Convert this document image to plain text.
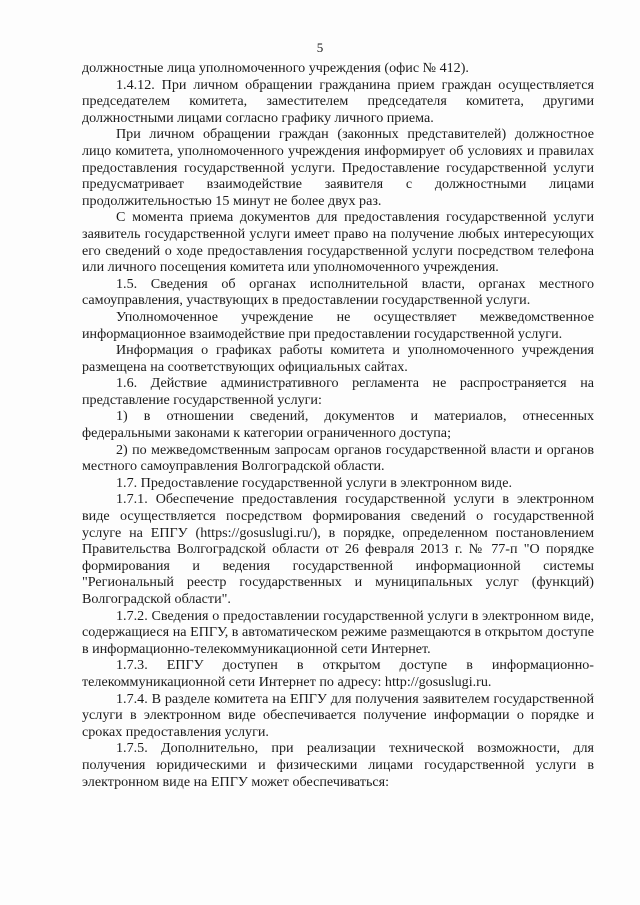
5

должностные лица уполномоченного учреждения (офис № 412).

1.4.12. При личном обращении гражданина прием граждан осуществляется председателем комитета, заместителем председателя комитета, другими должностными лицами согласно графику личного приема.

При личном обращении граждан (законных представителей) должностное лицо комитета, уполномоченного учреждения информирует об условиях и правилах предоставления государственной услуги. Предоставление государственной услуги предусматривает взаимодействие заявителя с должностными лицами продолжительностью 15 минут не более двух раз.

С момента приема документов для предоставления государственной услуги заявитель государственной услуги имеет право на получение любых интересующих его сведений о ходе предоставления государственной услуги посредством телефона или личного посещения комитета или уполномоченного учреждения.

1.5. Сведения об органах исполнительной власти, органах местного самоуправления, участвующих в предоставлении государственной услуги.

Уполномоченное учреждение не осуществляет межведомственное информационное взаимодействие при предоставлении государственной услуги.

Информация о графиках работы комитета и уполномоченного учреждения размещена на соответствующих официальных сайтах.

1.6. Действие административного регламента не распространяется на представление государственной услуги:

1) в отношении сведений, документов и материалов, отнесенных федеральными законами к категории ограниченного доступа;

2) по межведомственным запросам органов государственной власти и органов местного самоуправления Волгоградской области.

1.7. Предоставление государственной услуги в электронном виде.

1.7.1. Обеспечение предоставления государственной услуги в электронном виде осуществляется посредством формирования сведений о государственной услуге на ЕПГУ (https://gosuslugi.ru/), в порядке, определенном постановлением Правительства Волгоградской области от 26 февраля 2013 г. № 77-п "О порядке формирования и ведения государственной информационной системы "Региональный реестр государственных и муниципальных услуг (функций) Волгоградской области".

1.7.2. Сведения о предоставлении государственной услуги в электронном виде, содержащиеся на ЕПГУ, в автоматическом режиме размещаются в открытом доступе в информационно-телекоммуникационной сети Интернет.

1.7.3. ЕПГУ доступен в открытом доступе в информационно-телекоммуникационной сети Интернет по адресу: http://gosuslugi.ru.

1.7.4. В разделе комитета на ЕПГУ для получения заявителем государственной услуги в электронном виде обеспечивается получение информации о порядке и сроках предоставления услуги.

1.7.5. Дополнительно, при реализации технической возможности, для получения юридическими и физическими лицами государственной услуги в электронном виде на ЕПГУ может обеспечиваться:
